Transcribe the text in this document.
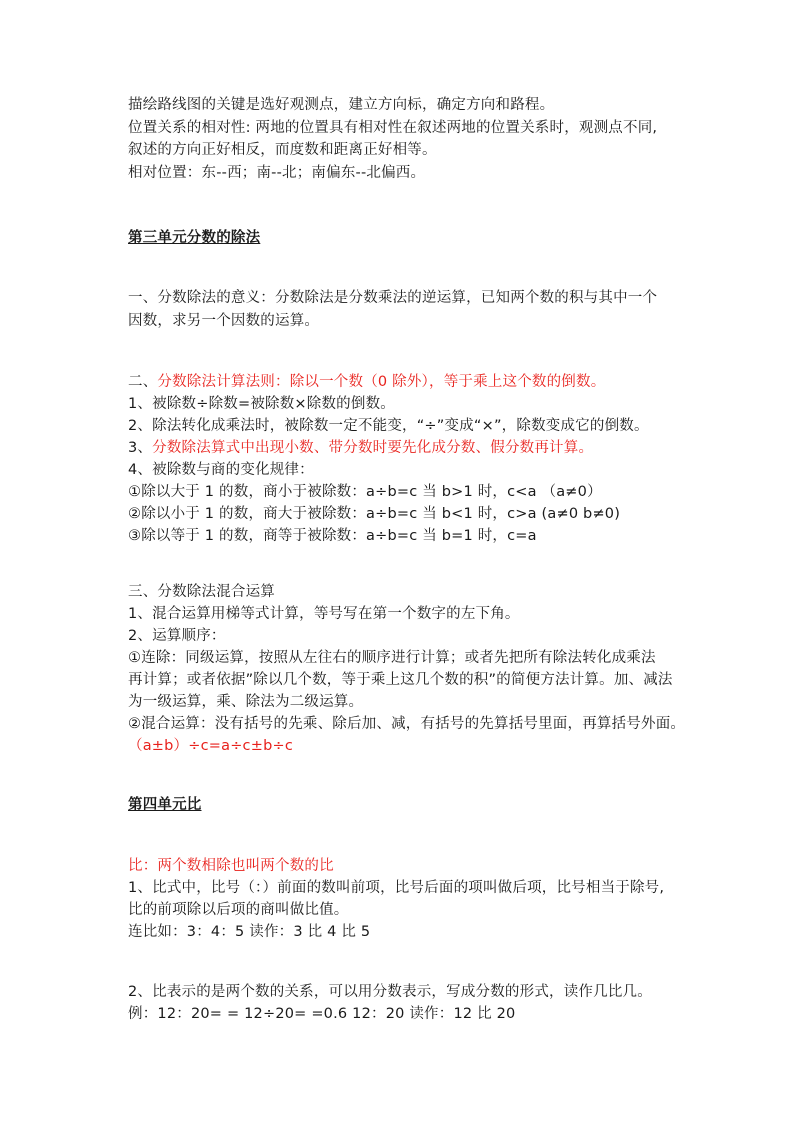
描绘路线图的关键是选好观测点，建立方向标，确定方向和路程。
位置关系的相对性: 两地的位置具有相对性在叙述两地的位置关系时，观测点不同,
叙述的方向正好相反，而度数和距离正好相等。
相对位置：东--西；南--北；南偏东--北偏西。
第三单元分数的除法
一、分数除法的意义：分数除法是分数乘法的逆运算，已知两个数的积与其中一个
因数，求另一个因数的运算。
二、分数除法计算法则：除以一个数（0 除外），等于乘上这个数的倒数。
1、被除数÷除数=被除数×除数的倒数。
2、除法转化成乘法时，被除数一定不能变，“÷”变成“×”，除数变成它的倒数。
3、分数除法算式中出现小数、带分数时要先化成分数、假分数再计算。
4、被除数与商的变化规律：
①除以大于 1 的数，商小于被除数：a÷b=c 当 b>1 时，c<a （a≠0）
②除以小于 1 的数，商大于被除数：a÷b=c 当 b<1 时，c>a (a≠0 b≠0)
③除以等于 1 的数，商等于被除数：a÷b=c 当 b=1 时，c=a
三、分数除法混合运算
1、混合运算用梯等式计算，等号写在第一个数字的左下角。
2、运算顺序：
①连除：同级运算，按照从左往右的顺序进行计算；或者先把所有除法转化成乘法
再计算；或者依据”除以几个数，等于乘上这几个数的积”的简便方法计算。加、减法
为一级运算，乘、除法为二级运算。
②混合运算：没有括号的先乘、除后加、减，有括号的先算括号里面，再算括号外面。
（a±b）÷c=a÷c±b÷c
第四单元比
比：两个数相除也叫两个数的比
1、比式中，比号（：）前面的数叫前项，比号后面的项叫做后项，比号相当于除号,
比的前项除以后项的商叫做比值。
连比如：3：4：5 读作：3 比 4 比 5
2、比表示的是两个数的关系，可以用分数表示，写成分数的形式，读作几比几。
例：12：20= = 12÷20= =0.6 12：20 读作：12 比 20
